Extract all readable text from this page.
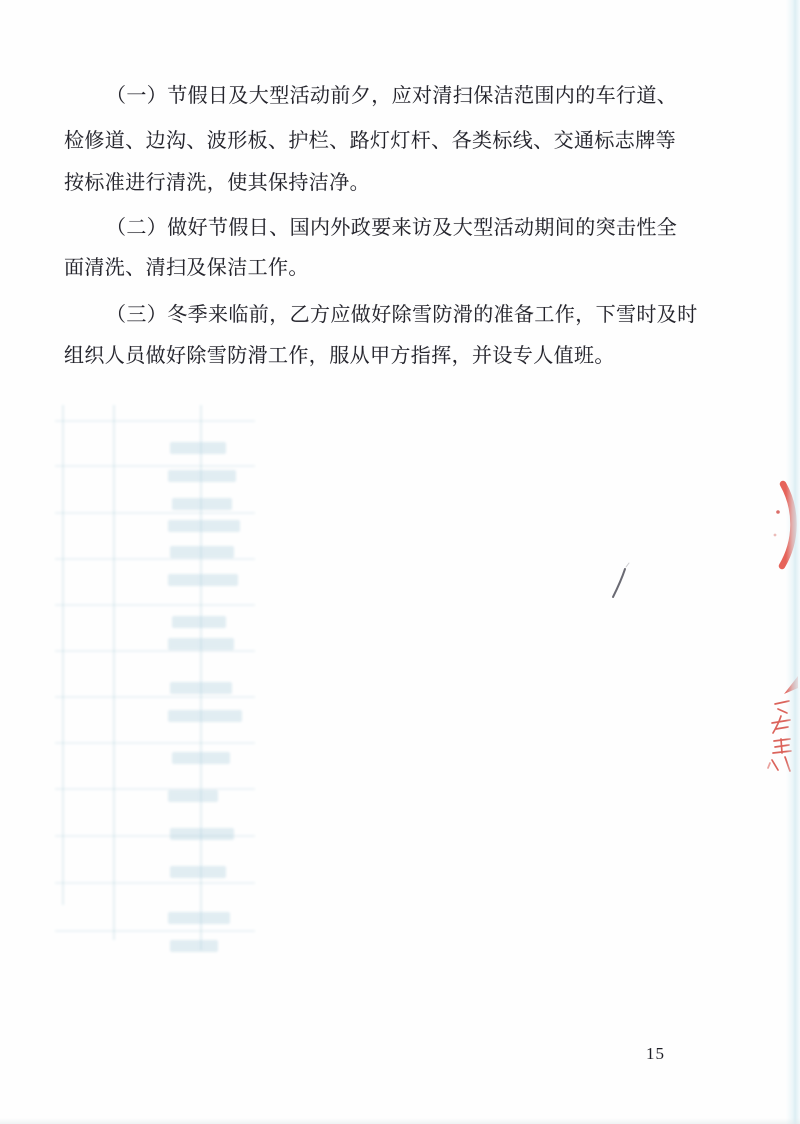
（一）节假日及大型活动前夕，应对清扫保洁范围内的车行道、
检修道、边沟、波形板、护栏、路灯灯杆、各类标线、交通标志牌等
按标准进行清洗，使其保持洁净。
（二）做好节假日、国内外政要来访及大型活动期间的突击性全
面清洗、清扫及保洁工作。
（三）冬季来临前，乙方应做好除雪防滑的准备工作，下雪时及时
组织人员做好除雪防滑工作，服从甲方指挥，并设专人值班。
15
